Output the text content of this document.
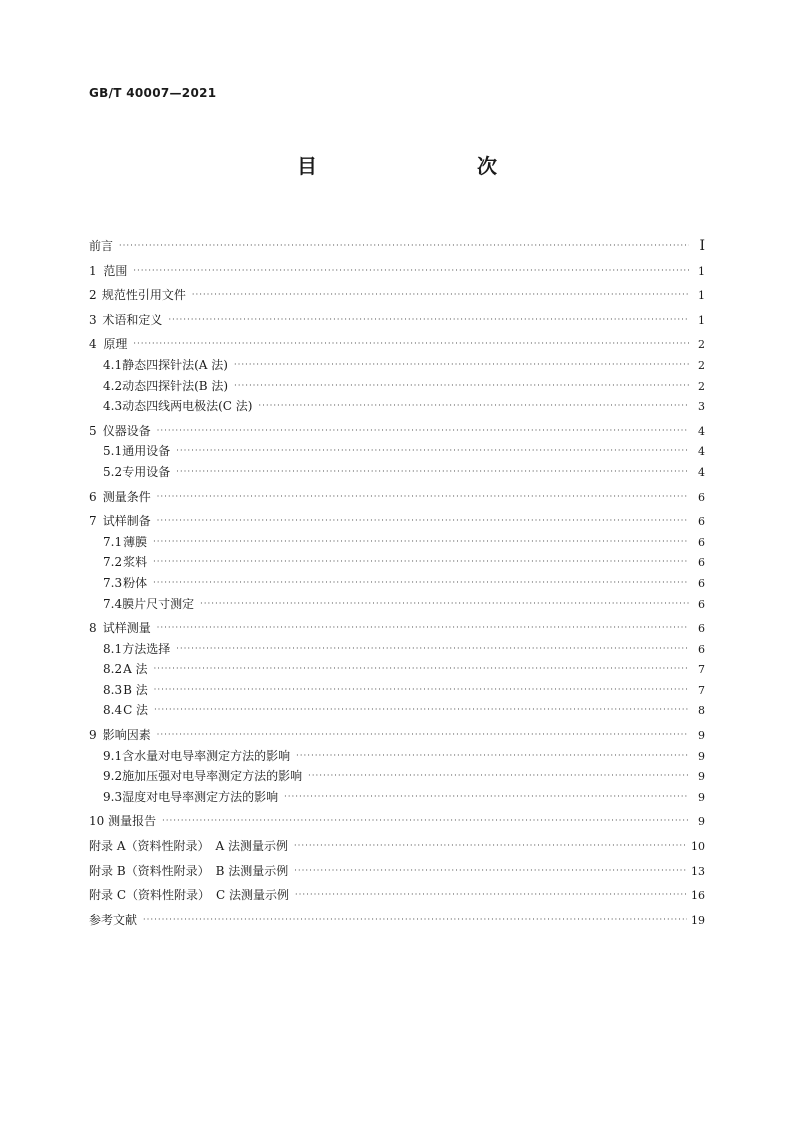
GB/T 40007—2021
目　　次
前言 ·····	Ⅰ
1 范围 ·····	1
2 规范性引用文件 ·····	1
3 术语和定义 ·····	1
4 原理 ·····	2
4.1 静态四探针法(A 法) ·····	2
4.2 动态四探针法(B 法) ·····	2
4.3 动态四线两电极法(C 法) ·····	3
5 仪器设备 ·····	4
5.1 通用设备 ·····	4
5.2 专用设备 ·····	4
6 测量条件 ·····	6
7 试样制备 ·····	6
7.1 薄膜 ·····	6
7.2 浆料 ·····	6
7.3 粉体 ·····	6
7.4 膜片尺寸测定 ·····	6
8 试样测量 ·····	6
8.1 方法选择 ·····	6
8.2 A 法 ·····	7
8.3 B 法 ·····	7
8.4 C 法 ·····	8
9 影响因素 ·····	9
9.1 含水量对电导率测定方法的影响 ·····	9
9.2 施加压强对电导率测定方法的影响 ·····	9
9.3 湿度对电导率测定方法的影响 ·····	9
10 测量报告 ·····	9
附录 A（资料性附录）　A 法测量示例 ·····	10
附录 B（资料性附录）　B 法测量示例 ·····	13
附录 C（资料性附录）　C 法测量示例 ·····	16
参考文献 ·····	19
